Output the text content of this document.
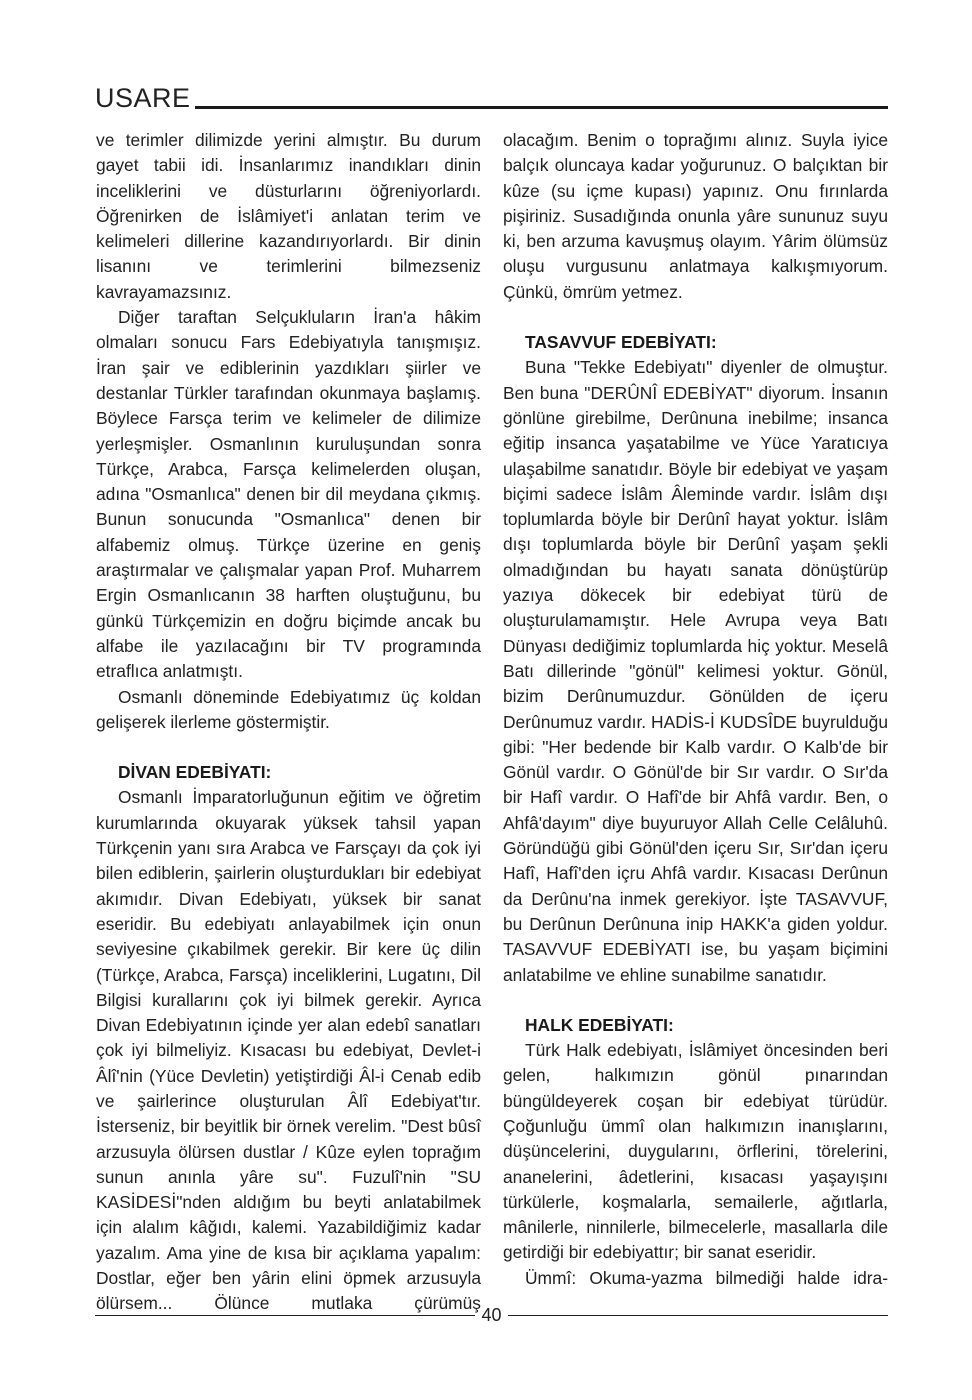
USARE

ve terimler dilimizde yerini almıştır. Bu durum gayet tabii idi. İnsanlarımız inandıkları dinin inceliklerini ve düsturlarını öğreniyorlardı. Öğrenirken de İslâmiyet'i anlatan terim ve kelimeleri dillerine kazandırıyorlardı. Bir dinin lisanını ve terimlerini bilmezseniz kavrayamazsınız.

Diğer taraftan Selçukluların İran'a hâkim olmaları sonucu Fars Edebiyatıyla tanışmışız. İran şair ve ediblerinin yazdıkları şiirler ve destanlar Türkler tarafından okunmaya başlamış. Böylece Farsça terim ve kelimeler de dilimize yerleşmişler. Osmanlının kuruluşundan sonra Türkçe, Arabca, Farsça kelimelerden oluşan, adına "Osmanlıca" denen bir dil meydana çıkmış. Bunun sonucunda "Osmanlıca" denen bir alfabemiz olmuş. Türkçe üzerine en geniş araştırmalar ve çalışmalar yapan Prof. Muharrem Ergin Osmanlıcanın 38 harften oluştuğunu, bu günkü Türkçemizin en doğru biçimde ancak bu alfabe ile yazılacağını bir TV programında etraflıca anlatmıştı.

Osmanlı döneminde Edebiyatımız üç koldan gelişerek ilerleme göstermiştir.

DİVAN EDEBİYATI:

Osmanlı İmparatorluğunun eğitim ve öğretim kurumlarında okuyarak yüksek tahsil yapan Türkçenin yanı sıra Arabca ve Farsçayı da çok iyi bilen ediblerin, şairlerin oluşturdukları bir edebiyat akımıdır. Divan Edebiyatı, yüksek bir sanat eseridir. Bu edebiyatı anlayabilmek için onun seviyesine çıkabilmek gerekir. Bir kere üç dilin (Türkçe, Arabca, Farsça) inceliklerini, Lugatını, Dil Bilgisi kurallarını çok iyi bilmek gerekir. Ayrıca Divan Edebiyatının içinde yer alan edebî sanatları çok iyi bilmeliyiz. Kısacası bu edebiyat, Devlet-i Âlî'nin (Yüce Devletin) yetiştirdiği Âl-i Cenab edib ve şairlerince oluşturulan Âlî Edebiyat'tır. İsterseniz, bir beyitlik bir örnek verelim. "Dest bûsî arzusuyla ölürsen dustlar / Kûze eylen toprağım sunun anınla yâre su". Fuzulî'nin "SU KASİDESİ"nden aldığım bu beyti anlatabilmek için alalım kâğıdı, kalemi. Yazabildiğimiz kadar yazalım. Ama yine de kısa bir açıklama yapalım: Dostlar, eğer ben yârin elini öpmek arzusuyla ölürsem... Ölünce mutlaka çürümüş

olacağım. Benim o toprağımı alınız. Suyla iyice balçık oluncaya kadar yoğurunuz. O balçıktan bir kûze (su içme kupası) yapınız. Onu fırınlarda pişiriniz. Susadığında onunla yâre sununuz suyu ki, ben arzuma kavuşmuş olayım. Yârim ölümsüz oluşu vurgusunu anlatmaya kalkışmıyorum. Çünkü, ömrüm yetmez.

TASAVVUF EDEBİYATI:

Buna "Tekke Edebiyatı" diyenler de olmuştur. Ben buna "DERÛNÎ EDEBİYAT" diyorum. İnsanın gönlüne girebilme, Derûnuna inebilme; insanca eğitip insanca yaşatabilme ve Yüce Yaratıcıya ulaşabilme sanatıdır. Böyle bir edebiyat ve yaşam biçimi sadece İslâm Âleminde vardır. İslâm dışı toplumlarda böyle bir Derûnî hayat yoktur. İslâm dışı toplumlarda böyle bir Derûnî yaşam şekli olmadığından bu hayatı sanata dönüştürüp yazıya dökecek bir edebiyat türü de oluşturulamamıştır. Hele Avrupa veya Batı Dünyası dediğimiz toplumlarda hiç yoktur. Meselâ Batı dillerinde "gönül" kelimesi yoktur. Gönül, bizim Derûnumuzdur. Gönülden de içeru Derûnumuz vardır. HADİS-İ KUDSÎDE buyrulduğu gibi: "Her bedende bir Kalb vardır. O Kalb'de bir Gönül vardır. O Gönül'de bir Sır vardır. O Sır'da bir Hafî vardır. O Hafî'de bir Ahfâ vardır. Ben, o Ahfâ'dayım" diye buyuruyor Allah Celle Celâluhû. Göründüğü gibi Gönül'den içeru Sır, Sır'dan içeru Hafî, Hafî'den içru Ahfâ vardır. Kısacası Derûnun da Derûnu'na inmek gerekiyor. İşte TASAVVUF, bu Derûnun Derûnuna inip HAKK'a giden yoldur. TASAVVUF EDEBİYATI ise, bu yaşam biçimini anlatabilme ve ehline sunabilme sanatıdır.

HALK EDEBİYATI:

Türk Halk edebiyatı, İslâmiyet öncesinden beri gelen, halkımızın gönül pınarından büngüldeyerek coşan bir edebiyat türüdür. Çoğunluğu ümmî olan halkımızın inanışlarını, düşüncelerini, duygularını, örflerini, törelerini, ananelerini, âdetlerini, kısacası yaşayışını türkülerle, koşmalarla, semailerle, ağıtlarla, mânilerle, ninnilerle, bilmecelerle, masallarla dile getirdiği bir edebiyattır; bir sanat eseridir.

Ümmî: Okuma-yazma bilmediği halde idra-

40
